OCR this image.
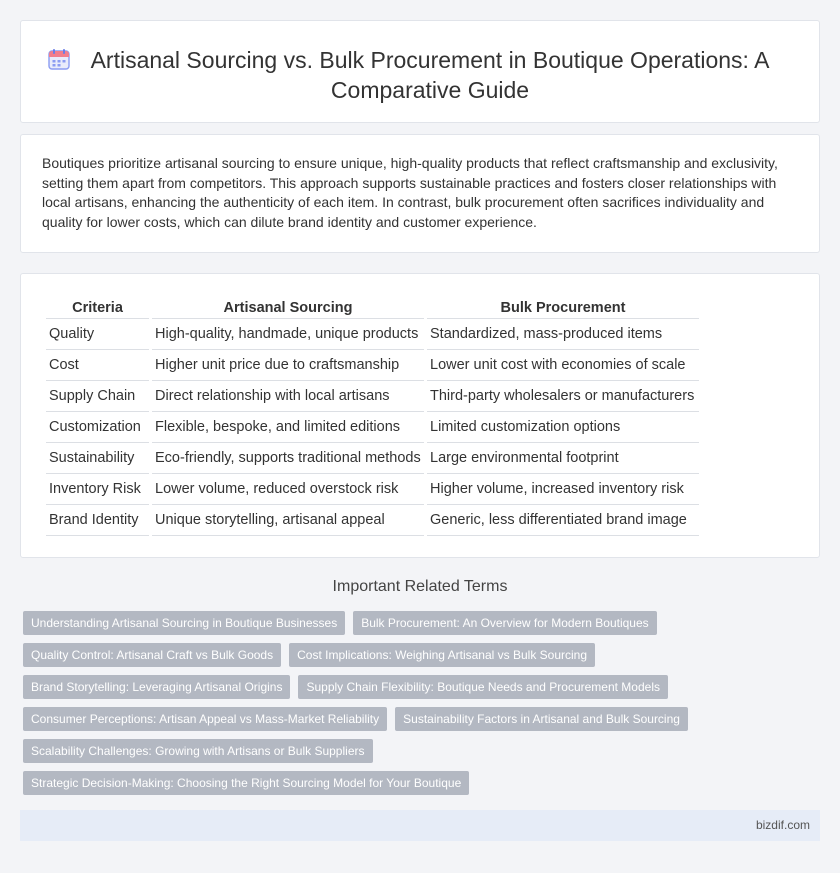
Artisanal Sourcing vs. Bulk Procurement in Boutique Operations: A Comparative Guide

Boutiques prioritize artisanal sourcing to ensure unique, high-quality products that reflect craftsmanship and exclusivity, setting them apart from competitors. This approach supports sustainable practices and fosters closer relationships with local artisans, enhancing the authenticity of each item. In contrast, bulk procurement often sacrifices individuality and quality for lower costs, which can dilute brand identity and customer experience.

Criteria	Artisanal Sourcing	Bulk Procurement
Quality	High-quality, handmade, unique products	Standardized, mass-produced items
Cost	Higher unit price due to craftsmanship	Lower unit cost with economies of scale
Supply Chain	Direct relationship with local artisans	Third-party wholesalers or manufacturers
Customization	Flexible, bespoke, and limited editions	Limited customization options
Sustainability	Eco-friendly, supports traditional methods	Large environmental footprint
Inventory Risk	Lower volume, reduced overstock risk	Higher volume, increased inventory risk
Brand Identity	Unique storytelling, artisanal appeal	Generic, less differentiated brand image
Important Related Terms
Understanding Artisanal Sourcing in Boutique Businesses	Bulk Procurement: An Overview for Modern Boutiques
Quality Control: Artisanal Craft vs Bulk Goods	Cost Implications: Weighing Artisanal vs Bulk Sourcing
Brand Storytelling: Leveraging Artisanal Origins	Supply Chain Flexibility: Boutique Needs and Procurement Models
Consumer Perceptions: Artisan Appeal vs Mass-Market Reliability	Sustainability Factors in Artisanal and Bulk Sourcing
Scalability Challenges: Growing with Artisans or Bulk Suppliers
Strategic Decision-Making: Choosing the Right Sourcing Model for Your Boutique
bizdif.com
